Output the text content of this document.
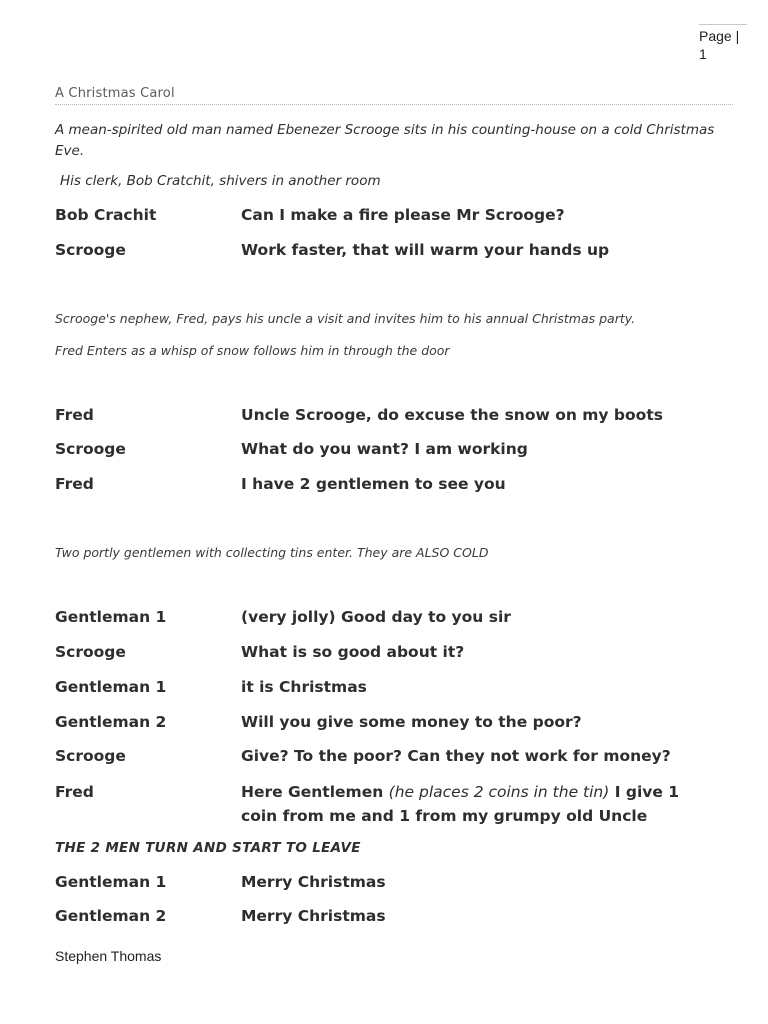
Page |
1
A Christmas Carol
A mean-spirited old man named Ebenezer Scrooge sits in his counting-house on a cold Christmas Eve.
His clerk, Bob Cratchit, shivers in another room
Bob Crachit	Can I make a fire please Mr Scrooge?
Scrooge	Work faster, that will warm your hands up
Scrooge's nephew, Fred, pays his uncle a visit and invites him to his annual Christmas party.
Fred Enters as a whisp of snow follows him in through the door
Fred	Uncle Scrooge, do excuse the snow on my boots
Scrooge	What do you want? I am working
Fred	I have 2 gentlemen to see you
Two portly gentlemen with collecting tins enter. They are ALSO COLD
Gentleman 1	(very jolly) Good day to you sir
Scrooge	What is so good about it?
Gentleman 1	it is Christmas
Gentleman 2	Will you give some money to the poor?
Scrooge	Give? To the poor? Can they not work for money?
Fred	Here Gentlemen (he places 2 coins in the tin) I give 1 coin from me and 1 from my grumpy old Uncle
THE 2 MEN TURN AND START TO LEAVE
Gentleman 1	Merry Christmas
Gentleman 2	Merry Christmas
Stephen Thomas
